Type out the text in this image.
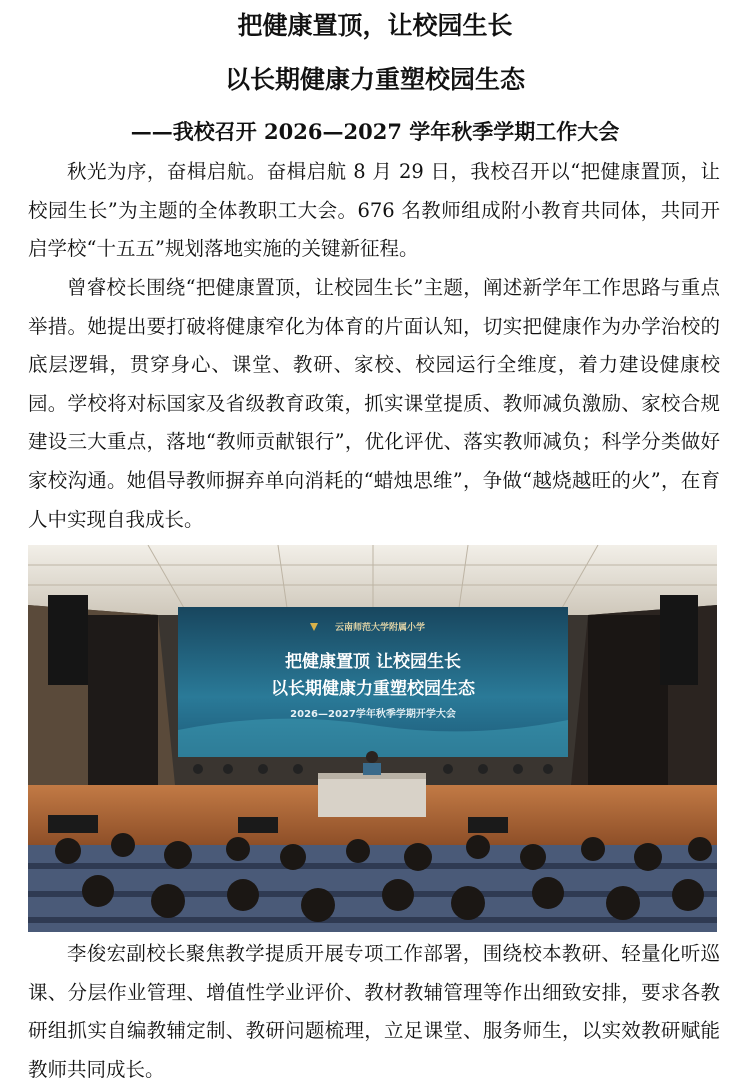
把健康置顶，让校园生长
以长期健康力重塑校园生态
——我校召开 2026—2027 学年秋季学期工作大会

秋光为序，奋楫启航。奋楫启航 8 月 29 日，我校召开以“把健康置顶，让校园生长”为主题的全体教职工大会。676 名教师组成附小教育共同体，共同开启学校“十五五”规划落地实施的关键新征程。

曾睿校长围绕“把健康置顶，让校园生长”主题，阐述新学年工作思路与重点举措。她提出要打破将健康窄化为体育的片面认知，切实把健康作为办学治校的底层逻辑，贯穿身心、课堂、教研、家校、校园运行全维度，着力建设健康校园。学校将对标国家及省级教育政策，抓实课堂提质、教师减负激励、家校合规建设三大重点，落地“教师贡献银行”，优化评优、落实教师减负；科学分类做好家校沟通。她倡导教师摒弃单向消耗的“蜡烛思维”，争做“越烧越旺的火”，在育人中实现自我成长。

云南师范大学附属小学
把健康置顶 让校园生长
以长期健康力重塑校园生态
2026—2027学年秋季学期开学大会

李俊宏副校长聚焦教学提质开展专项工作部署，围绕校本教研、轻量化听巡课、分层作业管理、增值性学业评价、教材教辅管理等作出细致安排，要求各教研组抓实自编教辅定制、教研问题梳理，立足课堂、服务师生，以实效教研赋能教师共同成长。
